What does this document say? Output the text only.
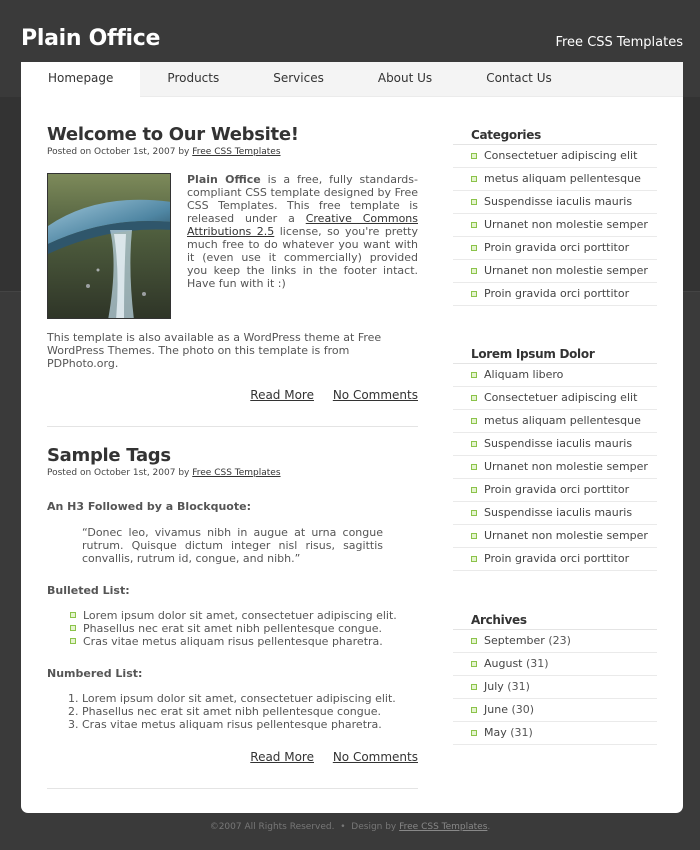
Plain Office	Free CSS Templates
Homepage	Products	Services	About Us	Contact Us
Welcome to Our Website!
Posted on October 1st, 2007 by Free CSS Templates

Plain Office is a free, fully standards-compliant CSS template designed by Free CSS Templates. This free template is released under a Creative Commons Attributions 2.5 license, so you're pretty much free to do whatever you want with it (even use it commercially) provided you keep the links in the footer intact. Have fun with it :)

This template is also available as a WordPress theme at Free WordPress Themes. The photo on this template is from PDPhoto.org.

Read More No Comments
Sample Tags
Posted on October 1st, 2007 by Free CSS Templates
An H3 Followed by a Blockquote:
“Donec leo, vivamus nibh in augue at urna congue rutrum. Quisque dictum integer nisl risus, sagittis convallis, rutrum id, congue, and nibh.”
Bulleted List:
Lorem ipsum dolor sit amet, consectetuer adipiscing elit.
Phasellus nec erat sit amet nibh pellentesque congue.
Cras vitae metus aliquam risus pellentesque pharetra.
Numbered List:
1. Lorem ipsum dolor sit amet, consectetuer adipiscing elit.
2. Phasellus nec erat sit amet nibh pellentesque congue.
3. Cras vitae metus aliquam risus pellentesque pharetra.
Read More No Comments
Categories
Consectetuer adipiscing elit
metus aliquam pellentesque
Suspendisse iaculis mauris
Urnanet non molestie semper
Proin gravida orci porttitor
Urnanet non molestie semper
Proin gravida orci porttitor
Lorem Ipsum Dolor
Aliquam libero
Consectetuer adipiscing elit
metus aliquam pellentesque
Suspendisse iaculis mauris
Urnanet non molestie semper
Proin gravida orci porttitor
Suspendisse iaculis mauris
Urnanet non molestie semper
Proin gravida orci porttitor
Archives
September (23)
August (31)
July (31)
June (30)
May (31)
©2007 All Rights Reserved. • Design by Free CSS Templates.
